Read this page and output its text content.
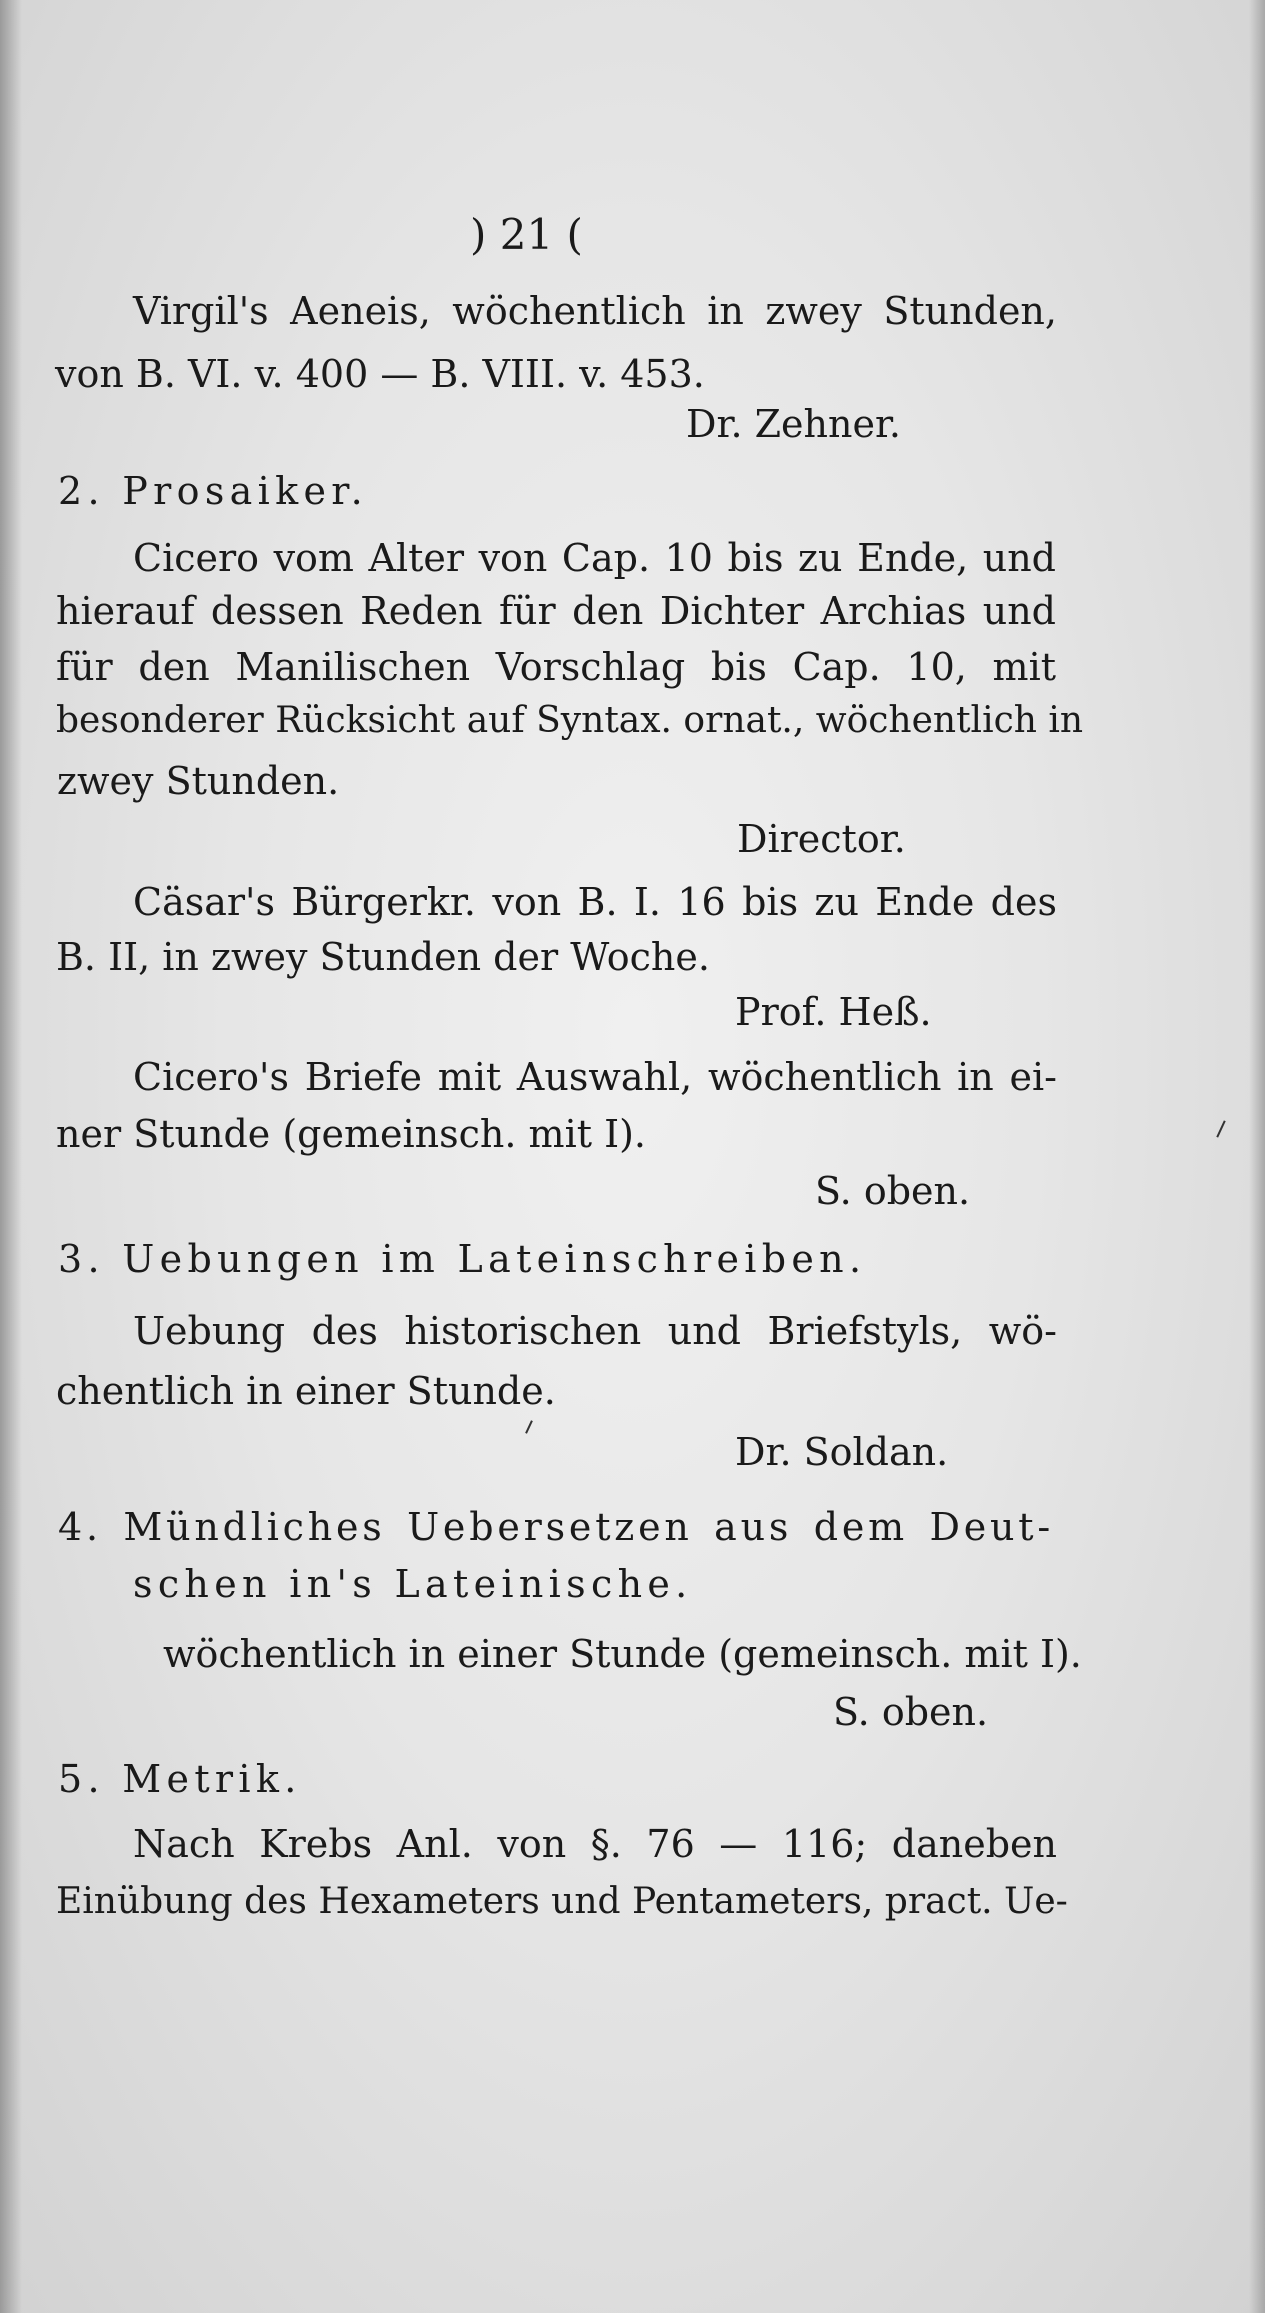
) 21 (
Virgil's Aeneis, wöchentlich in zwey Stunden,
von B. VI. v. 400 — B. VIII. v. 453.
Dr. Zehner.
2. Prosaiker.
Cicero vom Alter von Cap. 10 bis zu Ende, und
hierauf dessen Reden für den Dichter Archias und
für den Manilischen Vorschlag bis Cap. 10, mit
besonderer Rücksicht auf Syntax. ornat., wöchentlich in
zwey Stunden.
Director.
Cäsar's Bürgerkr. von B. I. 16 bis zu Ende des
B. II, in zwey Stunden der Woche.
Prof. Heß.
Cicero's Briefe mit Auswahl, wöchentlich in ei-
ner Stunde (gemeinsch. mit I).
S. oben.
3. Uebungen im Lateinschreiben.
Uebung des historischen und Briefstyls, wö-
chentlich in einer Stunde.
Dr. Soldan.
4. Mündliches Uebersetzen aus dem Deut-
schen in's Lateinische.
wöchentlich in einer Stunde (gemeinsch. mit I).
S. oben.
5. Metrik.
Nach Krebs Anl. von §. 76 — 116; daneben
Einübung des Hexameters und Pentameters, pract. Ue-
